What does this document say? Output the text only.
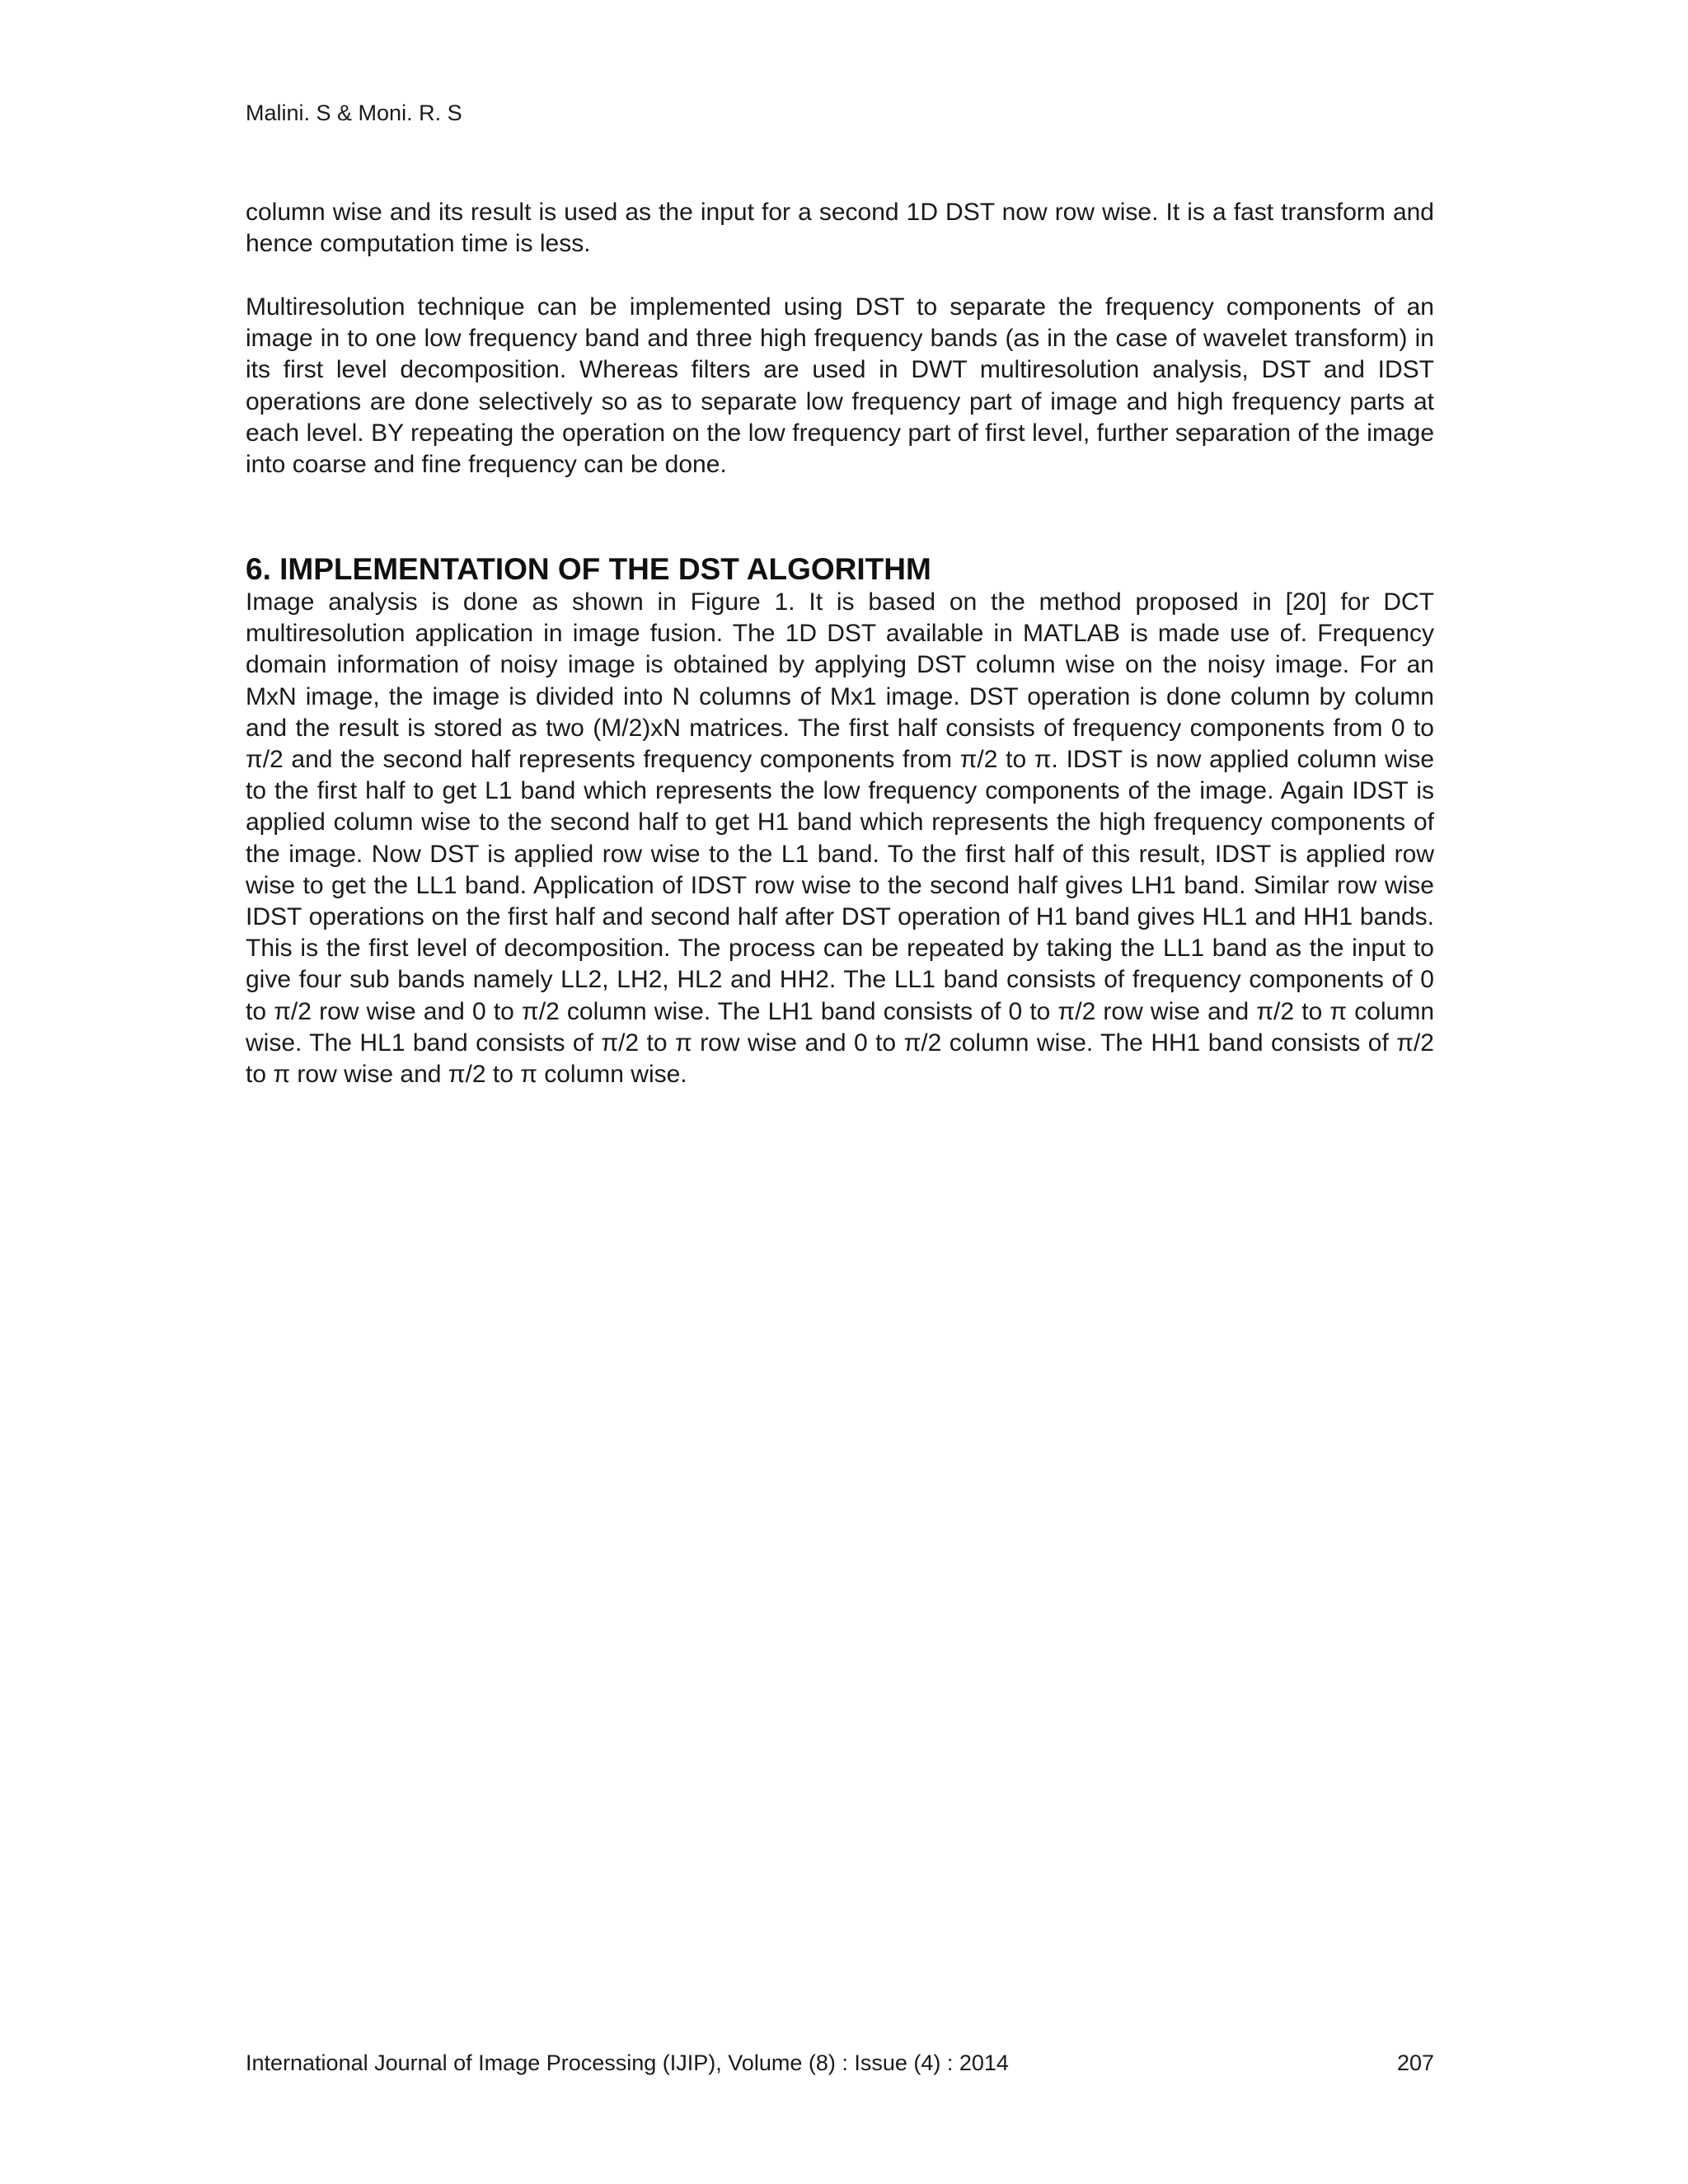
Malini. S & Moni. R. S

column wise and its result is used as the input for a second 1D DST now row wise. It is a fast transform and hence computation time is less.

Multiresolution technique can be implemented using DST to separate the frequency components of an image in to one low frequency band and three high frequency bands (as in the case of wavelet transform) in its first level decomposition. Whereas filters are used in DWT multiresolution analysis, DST and IDST operations are done selectively so as to separate low frequency part of image and high frequency parts at each level. BY repeating the operation on the low frequency part of first level, further separation of the image into coarse and fine frequency can be done.

6. IMPLEMENTATION OF THE DST ALGORITHM

Image analysis is done as shown in Figure 1. It is based on the method proposed in [20] for DCT multiresolution application in image fusion. The 1D DST available in MATLAB is made use of. Frequency domain information of noisy image is obtained by applying DST column wise on the noisy image. For an MxN image, the image is divided into N columns of Mx1 image. DST operation is done column by column and the result is stored as two (M/2)xN matrices. The first half consists of frequency components from 0 to π/2 and the second half represents frequency components from π/2 to π. IDST is now applied column wise to the first half to get L1 band which represents the low frequency components of the image. Again IDST is applied column wise to the second half to get H1 band which represents the high frequency components of the image. Now DST is applied row wise to the L1 band. To the first half of this result, IDST is applied row wise to get the LL1 band. Application of IDST row wise to the second half gives LH1 band. Similar row wise IDST operations on the first half and second half after DST operation of H1 band gives HL1 and HH1 bands. This is the first level of decomposition. The process can be repeated by taking the LL1 band as the input to give four sub bands namely LL2, LH2, HL2 and HH2. The LL1 band consists of frequency components of 0 to π/2 row wise and 0 to π/2 column wise. The LH1 band consists of 0 to π/2 row wise and π/2 to π column wise. The HL1 band consists of π/2 to π row wise and 0 to π/2 column wise. The HH1 band consists of π/2 to π row wise and π/2 to π column wise.

International Journal of Image Processing (IJIP), Volume (8) : Issue (4) : 2014	207
